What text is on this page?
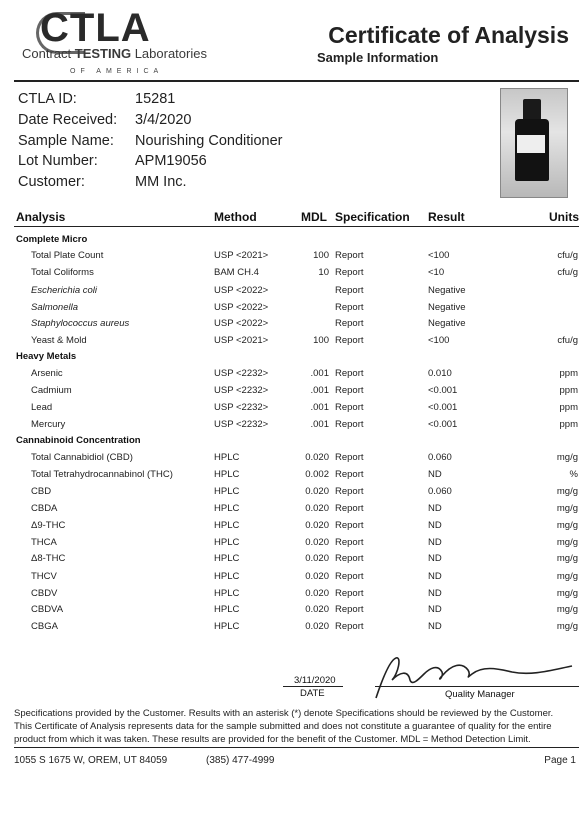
CTLA
Contract TESTING Laboratories
OF AMERICA
Certificate of Analysis
Sample Information
CTLA ID:	15281
Date Received: 3/4/2020
Sample Name: Nourishing Conditioner
Lot Number:	APM19056
Customer:	MM Inc.
Analysis	Method	MDL Specification Result	Units
Complete Micro
Total Plate Count	USP <2021>	100 Report	<100	cfu/g
Total Coliforms	BAM CH.4	10 Report	<10	cfu/g
Escherichia coli	USP <2022>	Report	Negative
Salmonella	USP <2022>	Report	Negative
Staphylococcus aureus	USP <2022>	Report	Negative
Yeast & Mold	USP <2021>	100 Report	<100	cfu/g
Heavy Metals
Arsenic	USP <2232>	.001 Report	0.010	ppm
Cadmium	USP <2232>	.001 Report	<0.001	ppm
Lead	USP <2232>	.001 Report	<0.001	ppm
Mercury	USP <2232>	.001 Report	<0.001	ppm
Cannabinoid Concentration
Total Cannabidiol (CBD)	HPLC	0.020 Report	0.060	mg/g
Total Tetrahydrocannabinol (THC)	HPLC	0.002 Report	ND	%
CBD	HPLC	0.020 Report	0.060	mg/g
CBDA	HPLC	0.020 Report	ND	mg/g
Δ9-THC	HPLC	0.020 Report	ND	mg/g
THCA	HPLC	0.020 Report	ND	mg/g
Δ8-THC	HPLC	0.020 Report	ND	mg/g
THCV	HPLC	0.020 Report	ND	mg/g
CBDV	HPLC	0.020 Report	ND	mg/g
CBDVA	HPLC	0.020 Report	ND	mg/g
CBGA	HPLC	0.020 Report	ND	mg/g
3/11/2020
DATE	Quality Manager
Specifications provided by the Customer. Results with an asterisk (*) denote Specifications should be reviewed by the Customer.
This Certificate of Analysis represents data for the sample submitted and does not constitute a guarantee of quality for the entire
product from which it was taken. These results are provided for the benefit of the Customer. MDL = Method Detection Limit.
1055 S 1675 W, OREM, UT 84059	(385) 477-4999	Page 1
